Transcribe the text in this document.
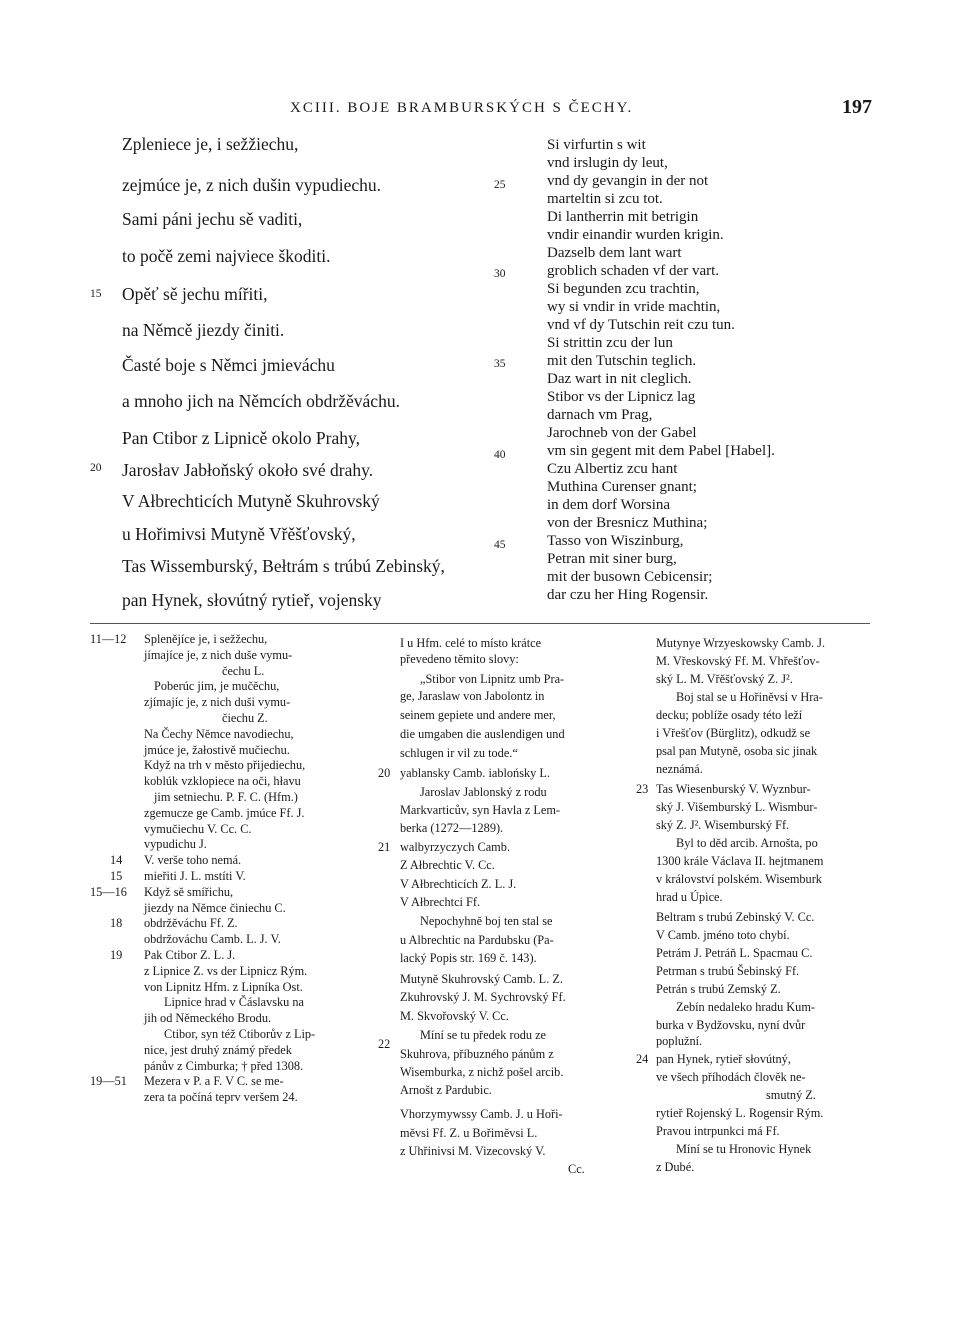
XCIII. BOJE BRAMBURSKÝCH S ČECHY.	197
15
20
Zpleniece je, i sežžiechu,
zejmúce je, z nich dušin vypudiechu.
Sami páni jechu sě vaditi,
to počě zemi najviece škoditi.
Opěť sě jechu mířiti,
na Němcě jiezdy činiti.
Časté boje s Němci jmieváchu
a mnoho jich na Němcích obdržěváchu.
Pan Ctibor z Lipnicě okolo Prahy,
Jarosłav Jabłoňský około své drahy.
V Ałbrechticích Mutyně Skuhrovský
u Hořimivsi Mutyně Vřěšťovský,
Tas Wissemburský, Bełtrám s trúbú Zebinský,
pan Hynek, słovútný rytieř, vojensky
25
30
35
40
45
Si virfurtin s wit
vnd irslugin dy leut,
vnd dy gevangin in der not
marteltin si zcu tot.
Di lantherrin mit betrigin
vndir einandir wurden krigin.
Dazselb dem lant wart
groblich schaden vf der vart.
Si begunden zcu trachtin,
wy si vndir in vride machtin,
vnd vf dy Tutschin reit czu tun.
Si strittin zcu der lun
mit den Tutschin teglich.
Daz wart in nit cleglich.
Stibor vs der Lipnicz lag
darnach vm Prag,
Jarochneb von der Gabel
vm sin gegent mit dem Pabel [Habel].
Czu Albertiz zcu hant
Muthina Curenser gnant;
in dem dorf Worsina
von der Bresnicz Muthina;
Tasso von Wiszinburg,
Petran mit siner burg,
mit der busown Cebicensir;
dar czu her Hing Rogensir.
11—12
14
15
15—16
18
19
19—51
Splenějíce je, i sežžechu,
jímajíce je, z nich duše vymu-
čechu L.
Poberúc jim, je mučěchu,
zjímajíc je, z nich duši vymu-
čiechu Z.
Na Čechy Němce navodiechu,
jmúce je, žałostivě mučiechu.
Když na trh v město přijediechu,
koblúk vzklopiece na oči, hłavu
jim setniechu. P. F. C. (Hfm.)
zgemucze ge Camb. jmúce Ff. J.
vymučiechu V. Cc. C.
vypudichu J.
V. verše toho nemá.
mieřiti J. L. mstíti V.
Když sě smířichu,
jiezdy na Němce činiechu C.
obdržěváchu Ff. Z.
obdržováchu Camb. L. J. V.
Pak Ctibor Z. L. J.
z Lipnice Z. vs der Lipnicz Rým.
von Lipnitz Hfm. z Lipníka Ost.
Lipnice hrad v Čáslavsku na
jih od Německého Brodu.
Ctibor, syn též Ctiborův z Lip-
nice, jest druhý známý předek
pánův z Cimburka; † před 1308.
Mezera v P. a F. V C. se me-
zera ta počíná teprv veršem 24.
20
21
22
I u Hfm. celé to místo krátce
převedeno těmito slovy:
„Stibor von Lipnitz umb Pra-
ge, Jaraslaw von Jabolontz in
seinem gepiete und andere mer,
die umgaben die auslendigen und
schlugen ir vil zu tode.“
yablansky Camb. iablońsky L.
Jaroslav Jablonský z rodu
Markvarticův, syn Havla z Lem-
berka (1272—1289).
walbyrzyczych Camb.
Z Ałbrechtic V. Cc.
V Ałbrechticích Z. L. J.
V Ałbrechtci Ff.
Nepochyhně boj ten stal se
u Albrechtic na Pardubsku (Pa-
lacký Popis str. 169 č. 143).
Mutyně Skuhrovský Camb. L. Z.
Zkuhrovský J. M. Sychrovský Ff.
M. Skvořovský V. Cc.
Míní se tu předek rodu ze
Skuhrova, příbuzného pánům z
Wisemburka, z nichž pošel arcib.
Arnošt z Pardubic.
Vhorzymywssy Camb. J. u Hoři-
měvsi Ff. Z. u Bořiměvsi L.
z Uhřinivsi M. Vizecovský V.
Cc.
23
24
Mutynye Wrzyeskowsky Camb. J.
M. Vřeskovský Ff. M. Vhřešťov-
ský L. M. Vřěšťovský Z. J².
Boj stal se u Hořiněvsi v Hra-
decku; poblíže osady této leží
i Vřešťov (Bürglitz), odkudž se
psal pan Mutyně, osoba sic jinak
neznámá.
Tas Wiesenburský V. Wyznbur-
ský J. Višemburský L. Wismbur-
ský Z. J². Wisemburský Ff.
Byl to děd arcib. Arnošta, po
1300 krále Václava II. hejtmanem
v království polském. Wisemburk
hrad u Úpice.
Beltram s trubú Zebinský V. Cc.
V Camb. jméno toto chybí.
Petrám J. Petráň L. Spacmau C.
Petrman s trubú Šebinský Ff.
Petrán s trubú Zemský Z.
Zebín nedaleko hradu Kum-
burka v Bydžovsku, nyní dvůr
poplužní.
pan Hynek, rytieř słovútný,
ve všech příhodách člověk ne-
smutný Z.
rytieř Rojenský L. Rogensir Rým.
Pravou intrpunkci má Ff.
Míní se tu Hronovic Hynek
z Dubé.
